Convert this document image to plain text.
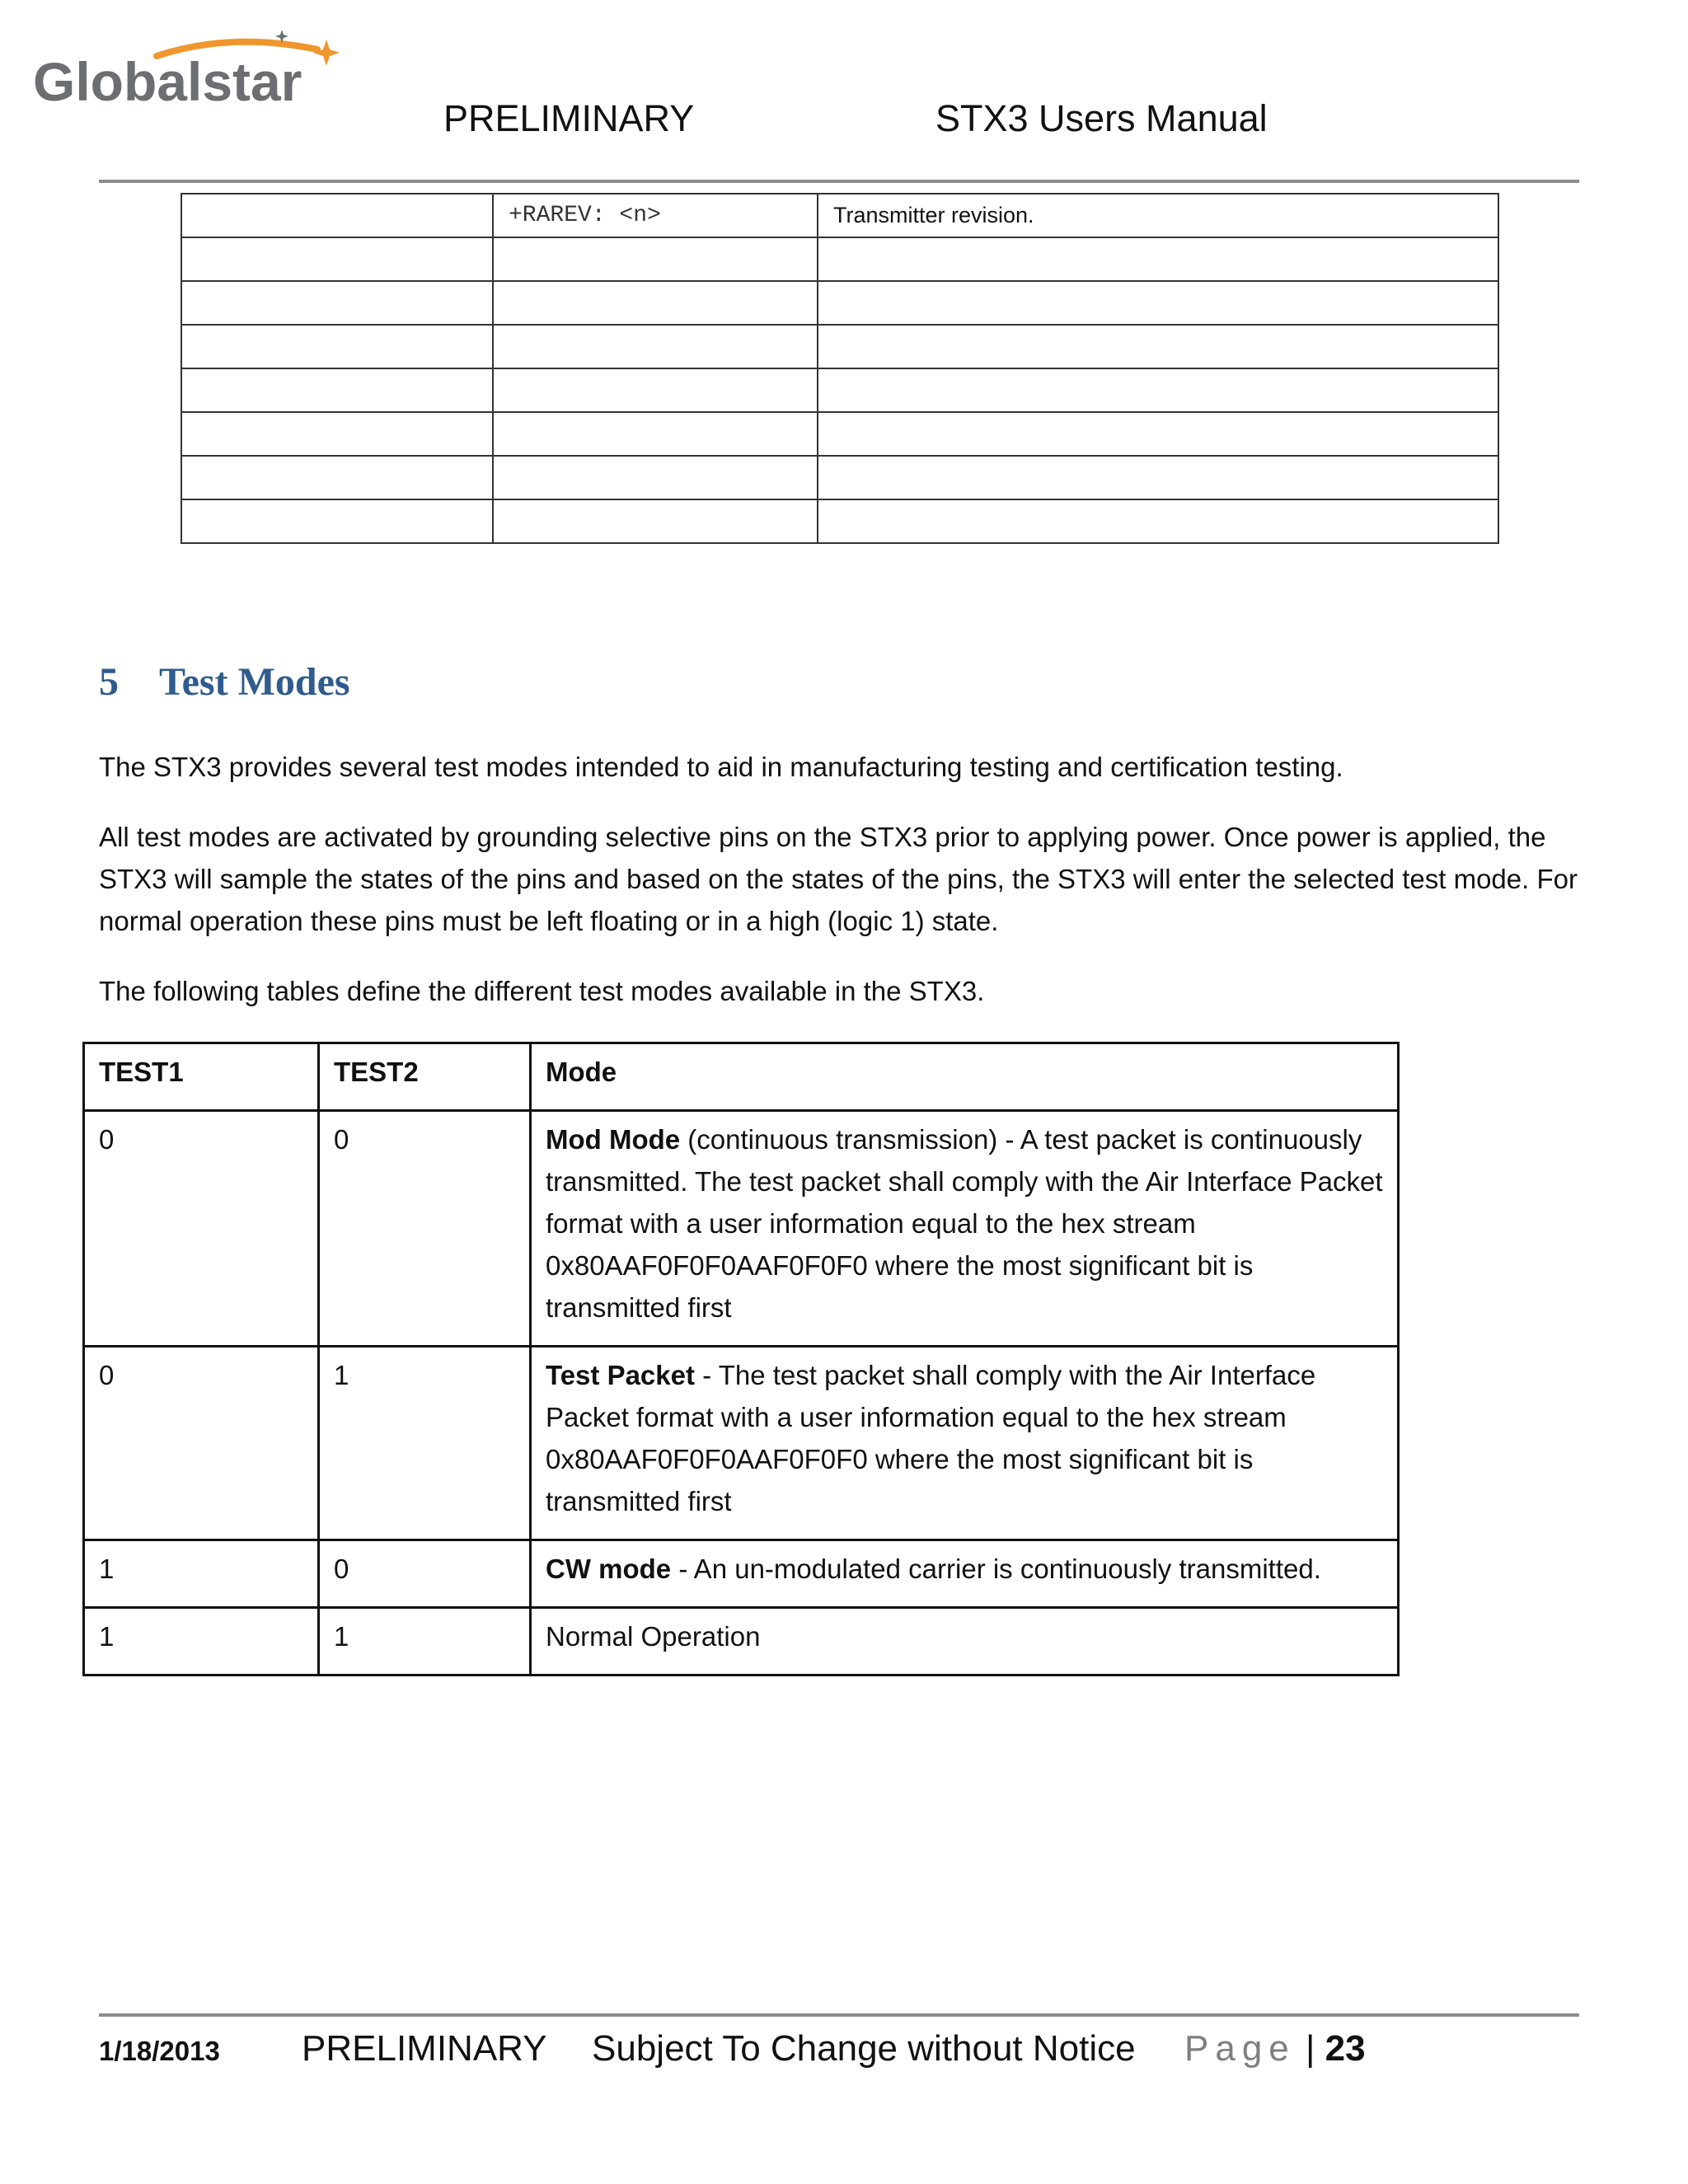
Globalstar
PRELIMINARY	STX3 Users Manual
	+RAREV: <n>	Transmitter revision.

5 Test Modes

The STX3 provides several test modes intended to aid in manufacturing testing and certification testing.

All test modes are activated by grounding selective pins on the STX3 prior to applying power. Once power is applied, the STX3 will sample the states of the pins and based on the states of the pins, the STX3 will enter the selected test mode. For normal operation these pins must be left floating or in a high (logic 1) state.

The following tables define the different test modes available in the STX3.

TEST1	TEST2	Mode
0	0	Mod Mode (continuous transmission) - A test packet is continuously transmitted. The test packet shall comply with the Air Interface Packet format with a user information equal to the hex stream 0x80AAF0F0F0AAF0F0F0 where the most significant bit is transmitted first
0	1	Test Packet - The test packet shall comply with the Air Interface Packet format with a user information equal to the hex stream 0x80AAF0F0F0AAF0F0F0 where the most significant bit is transmitted first
1	0	CW mode - An un-modulated carrier is continuously transmitted.
1	1	Normal Operation
1/18/2013 PRELIMINARY Subject To Change without Notice Page | 23
